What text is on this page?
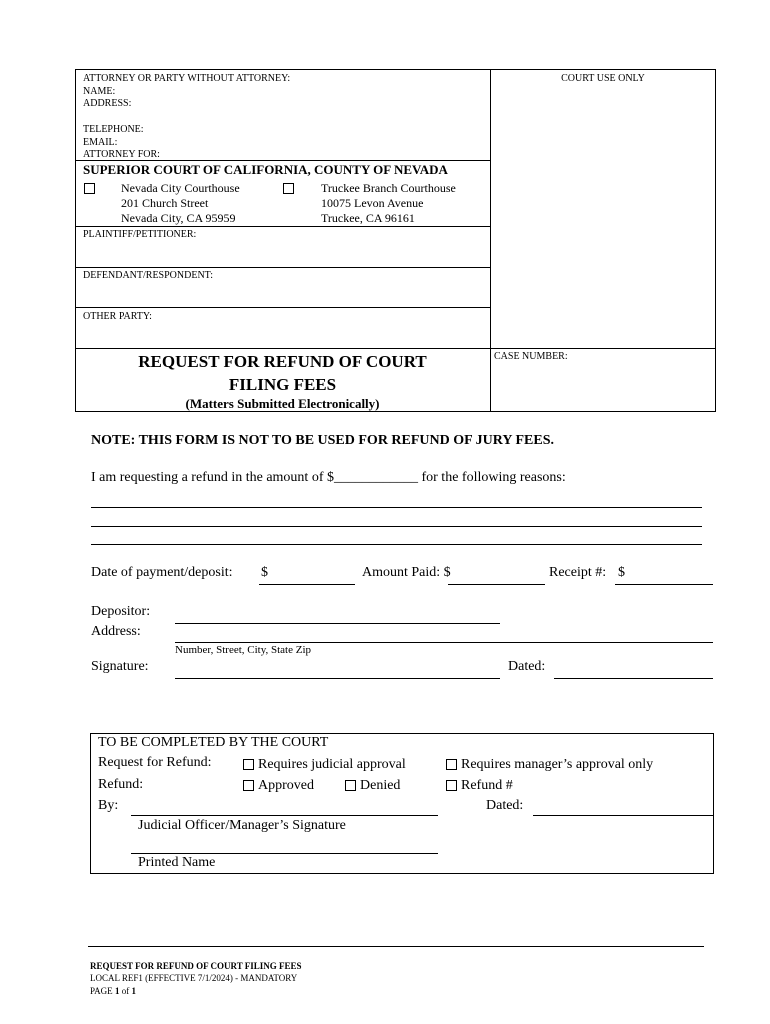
ATTORNEY OR PARTY WITHOUT ATTORNEY:
NAME:
ADDRESS:
TELEPHONE:
EMAIL:
ATTORNEY FOR:
COURT USE ONLY
SUPERIOR COURT OF CALIFORNIA, COUNTY OF NEVADA
Nevada City Courthouse
201 Church Street
Nevada City, CA 95959
Truckee Branch Courthouse
10075 Levon Avenue
Truckee, CA 96161
PLAINTIFF/PETITIONER:
DEFENDANT/RESPONDENT:
OTHER PARTY:
REQUEST FOR REFUND OF COURT
FILING FEES
(Matters Submitted Electronically)
CASE NUMBER:
NOTE: THIS FORM IS NOT TO BE USED FOR REFUND OF JURY FEES.
I am requesting a refund in the amount of $____________ for the following reasons:
Date of payment/deposit: $	Amount Paid: $	Receipt #: $
Depositor:
Address:
Number, Street, City, State Zip
Signature:	Dated:
TO BE COMPLETED BY THE COURT
Request for Refund:	Requires judicial approval	Requires manager’s approval only
Refund:	Approved	Denied	Refund #
By:	Dated:
Judicial Officer/Manager’s Signature
Printed Name
REQUEST FOR REFUND OF COURT FILING FEES
LOCAL REF1 (EFFECTIVE 7/1/2024) - MANDATORY
PAGE 1 of 1
